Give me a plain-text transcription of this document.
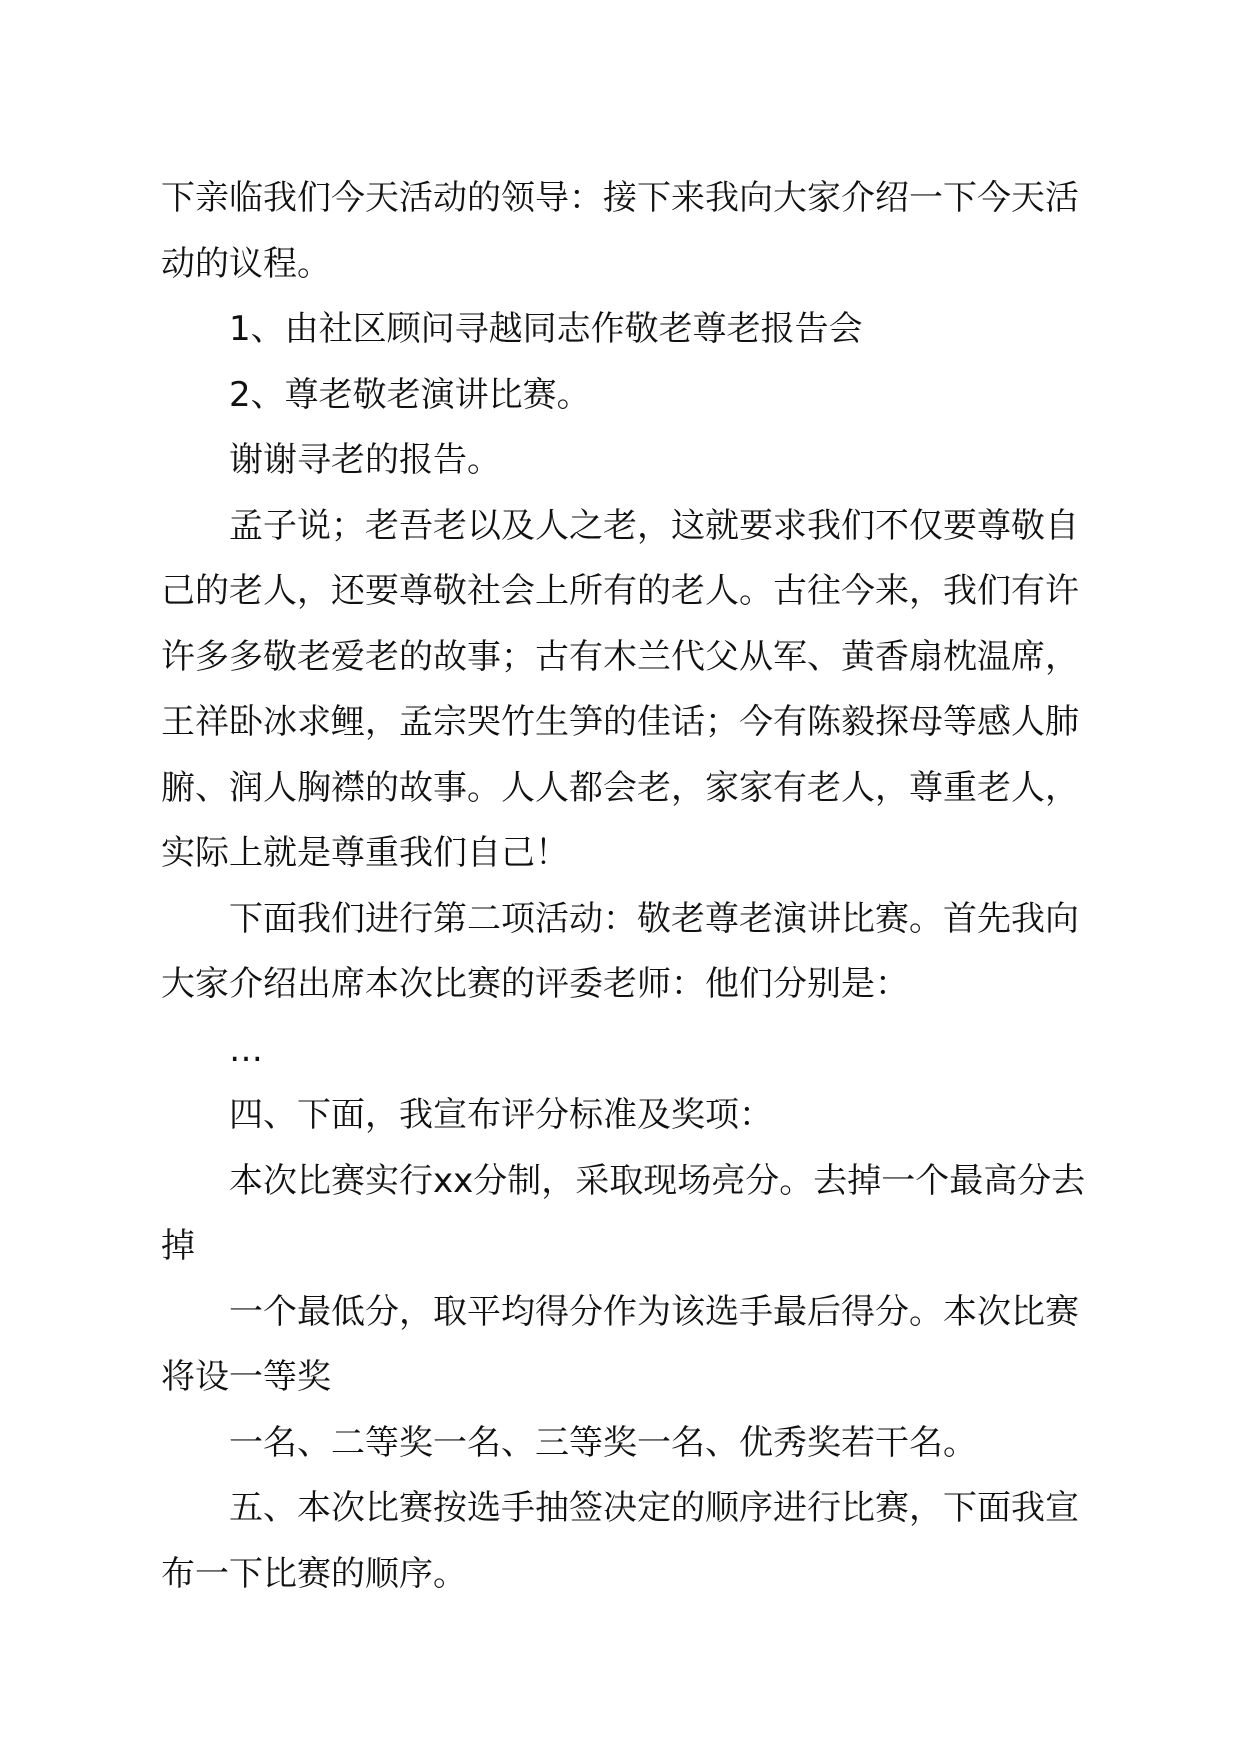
下亲临我们今天活动的领导：接下来我向大家介绍一下今天活动的议程。

1、由社区顾问寻越同志作敬老尊老报告会

2、尊老敬老演讲比赛。

谢谢寻老的报告。

孟子说；老吾老以及人之老，这就要求我们不仅要尊敬自己的老人，还要尊敬社会上所有的老人。古往今来，我们有许许多多敬老爱老的故事；古有木兰代父从军、黄香扇枕温席，王祥卧冰求鲤，孟宗哭竹生笋的佳话；今有陈毅探母等感人肺腑、润人胸襟的故事。人人都会老，家家有老人，尊重老人，实际上就是尊重我们自己！

下面我们进行第二项活动：敬老尊老演讲比赛。首先我向大家介绍出席本次比赛的评委老师：他们分别是：

…

四、下面，我宣布评分标准及奖项：

本次比赛实行xx分制，采取现场亮分。去掉一个最高分去掉

一个最低分，取平均得分作为该选手最后得分。本次比赛将设一等奖

一名、二等奖一名、三等奖一名、优秀奖若干名。

五、本次比赛按选手抽签决定的顺序进行比赛，下面我宣布一下比赛的顺序。
